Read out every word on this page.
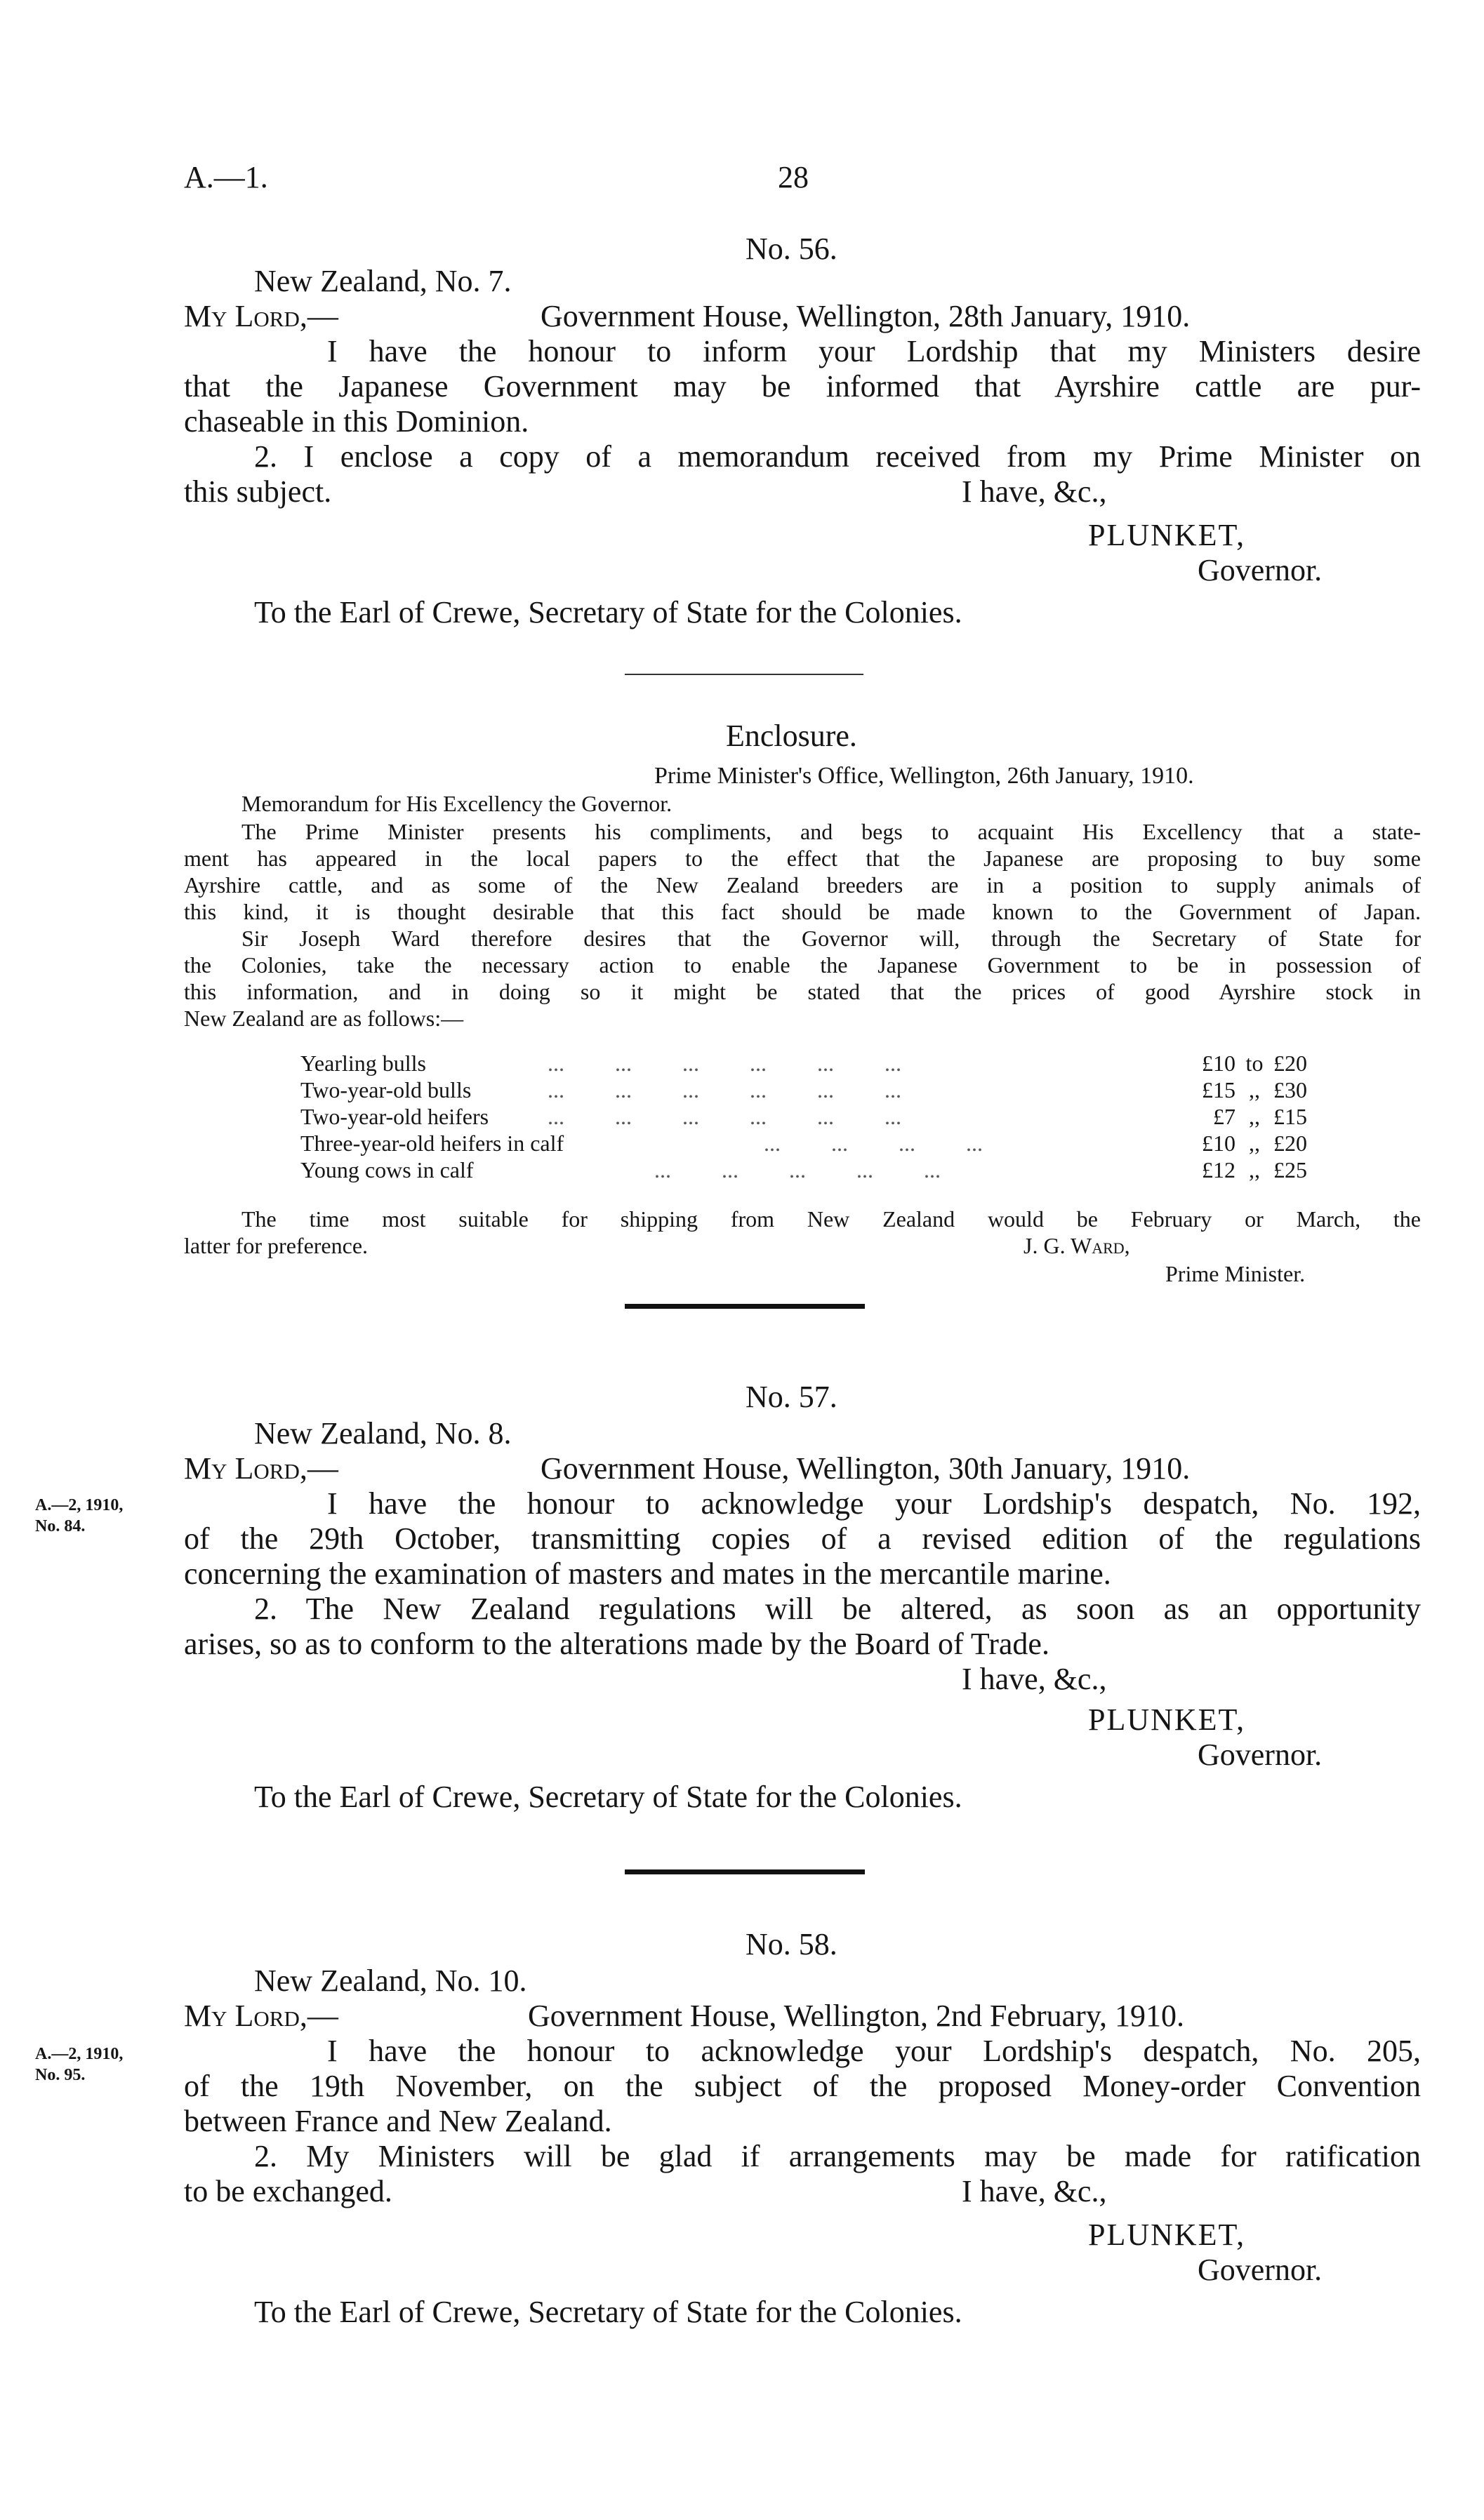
A.—1.	28
No. 56.
New Zealand, No. 7.
My Lord,—	Government House, Wellington, 28th January, 1910.
I have the honour to inform your Lordship that my Ministers desire
that the Japanese Government may be informed that Ayrshire cattle are pur-
chaseable in this Dominion.
2. I enclose a copy of a memorandum received from my Prime Minister on
this subject.	I have, &c.,
PLUNKET,
Governor.
To the Earl of Crewe, Secretary of State for the Colonies.
Enclosure.
Prime Minister's Office, Wellington, 26th January, 1910.
Memorandum for His Excellency the Governor.
The Prime Minister presents his compliments, and begs to acquaint His Excellency that a state-
ment has appeared in the local papers to the effect that the Japanese are proposing to buy some
Ayrshire cattle, and as some of the New Zealand breeders are in a position to supply animals of
this kind, it is thought desirable that this fact should be made known to the Government of Japan.
Sir Joseph Ward therefore desires that the Governor will, through the Secretary of State for
the Colonies, take the necessary action to enable the Japanese Government to be in possession of
this information, and in doing so it might be stated that the prices of good Ayrshire stock in
New Zealand are as follows:—
Yearling bulls	...         ...         ...         ...         ...         ...	£10 to £20
Two-year-old bulls	...         ...         ...         ...         ...         ...	£15 ,, £30
Two-year-old heifers	...         ...         ...         ...         ...         ...	£7 ,, £15
Three-year-old heifers in calf	...         ...         ...         ...	£10 ,, £20
Young cows in calf	...         ...         ...         ...         ...	£12 ,, £25
The time most suitable for shipping from New Zealand would be February or March, the
latter for preference.	J. G. Ward,
Prime Minister.
No. 57.
New Zealand, No. 8.
My Lord,—	Government House, Wellington, 30th January, 1910.
A.—2, 1910,
No. 84.
I have the honour to acknowledge your Lordship's despatch, No. 192,
of the 29th October, transmitting copies of a revised edition of the regulations
concerning the examination of masters and mates in the mercantile marine.
2. The New Zealand regulations will be altered, as soon as an opportunity
arises, so as to conform to the alterations made by the Board of Trade.
I have, &c.,
PLUNKET,
Governor.
To the Earl of Crewe, Secretary of State for the Colonies.
No. 58.
New Zealand, No. 10.
My Lord,—	Government House, Wellington, 2nd February, 1910.
A.—2, 1910,
No. 95.
I have the honour to acknowledge your Lordship's despatch, No. 205,
of the 19th November, on the subject of the proposed Money-order Convention
between France and New Zealand.
2. My Ministers will be glad if arrangements may be made for ratification
to be exchanged.	I have, &c.,
PLUNKET,
Governor.
To the Earl of Crewe, Secretary of State for the Colonies.
